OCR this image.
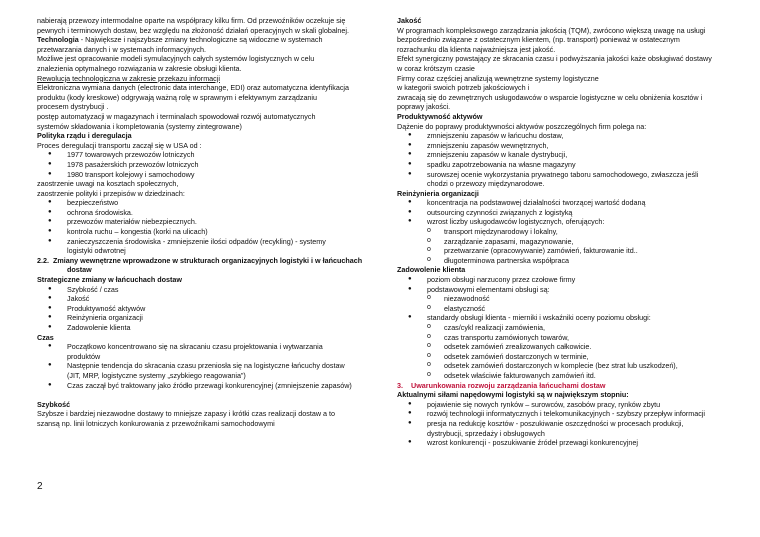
nabierają przewozy intermodalne oparte na współpracy kilku firm. Od przewoźników oczekuje się
pewnych i terminowych dostaw, bez względu na złożoność działań operacyjnych w skali globalnej.
Technologia - Największe i najszybsze zmiany technologiczne są widoczne w systemach
przetwarzania danych i w systemach informacyjnych.
Możliwe jest opracowanie modeli symulacyjnych całych systemów logistycznych w celu
znalezienia optymalnego rozwiązania w zakresie obsługi klienta.
Rewolucja technologiczna w zakresie przekazu informacji
Elektroniczna wymiana danych (electronic data interchange, EDI) oraz automatyczna identyfikacja
produktu (kody kreskowe) odgrywają ważną rolę w sprawnym i efektywnym zarządzaniu
procesem dystrybucji .
postęp automatyzacji w magazynach i terminalach spowodował rozwój automatycznych
systemów składowania i kompletowania (systemy zintegrowane)
Polityka rządu i deregulacja
Proces deregulacji transportu zaczął się w USA od :
● 1977 towarowych przewozów lotniczych
● 1978 pasażerskich przewozów lotniczych
● 1980 transport kolejowy i samochodowy
zaostrzenie uwagi na kosztach społecznych,
zaostrzenie polityki i przepisów w dziedzinach:
● bezpieczeństwo
● ochrona środowiska.
● przewozów materiałów niebezpiecznych.
● kontrola ruchu – kongestia (korki na ulicach)
● zanieczyszczenia środowiska - zmniejszenie ilości odpadów (recykling) - systemy
logistyki odwrotnej
2.2. Zmiany wewnętrzne wprowadzone w strukturach organizacyjnych logistyki i w łańcuchach
dostaw
Strategiczne zmiany w łańcuchach dostaw
● Szybkość / czas
● Jakość
● Produktywność aktywów
● Reinżynieria organizacji
● Zadowolenie klienta
Czas
● Początkowo koncentrowano się na skracaniu czasu projektowania i wytwarzania
produktów
● Następnie tendencja do skracania czasu przeniosła się na logistyczne łańcuchy dostaw
(JIT, MRP, logistyczne systemy „szybkiego reagowania”)
● Czas zaczął być traktowany jako źródło przewagi konkurencyjnej (zmniejszenie zapasów)
Szybkość
Szybsze i bardziej niezawodne dostawy to mniejsze zapasy i krótki czas realizacji dostaw a to
szansą np. linii lotniczych konkurowania z przewoźnikami samochodowymi
Jakość
W programach kompleksowego zarządzania jakością (TQM), zwrócono większą uwagę na usługi
bezpośrednio związane z ostatecznym klientem, (np. transport) ponieważ w ostatecznym
rozrachunku dla klienta najważniejsza jest jakość.
Efekt synergiczny powstający ze skracania czasu i podwyższania jakości każe obsługiwać dostawy
w coraz krótszym czasie
Firmy coraz częściej analizują wewnętrzne systemy logistyczne
w kategorii swoich potrzeb jakościowych i
zwracają się do zewnętrznych usługodawców o wsparcie logistyczne w celu obniżenia kosztów i
poprawy jakości.
Produktywność aktywów
Dążenie do poprawy produktywności aktywów poszczególnych firm polega na:
● zmniejszeniu zapasów w łańcuchu dostaw,
● zmniejszeniu zapasów wewnętrznych,
● zmniejszeniu zapasów w kanale dystrybucji,
● spadku zapotrzebowania na własne magazyny
● surowszej ocenie wykorzystania prywatnego taboru samochodowego, zwłaszcza jeśli
chodzi o przewozy międzynarodowe.
Reinżynieria organizacji
● koncentracja na podstawowej działalności tworzącej wartość dodaną
● outsourcing czynności związanych z logistyką
● wzrost liczby usługodawców logistycznych, oferujących:
o transport międzynarodowy i lokalny,
o zarządzanie zapasami, magazynowanie,
o przetwarzanie (opracowywanie) zamówień, fakturowanie itd..
o długoterminowa partnerska współpraca
Zadowolenie klienta
● poziom obsługi narzucony przez czołowe firmy
● podstawowymi elementami obsługi są:
o niezawodność
o elastyczność
● standardy obsługi klienta - mierniki i wskaźniki oceny poziomu obsługi:
o czas/cykl realizacji zamówienia,
o czas transportu zamówionych towarów,
o odsetek zamówień zrealizowanych całkowicie.
o odsetek zamówień dostarczonych w terminie,
o odsetek zamówień dostarczonych w komplecie (bez strat lub uszkodzeń),
o odsetek właściwie fakturowanych zamówień itd.
3. Uwarunkowania rozwoju zarządzania łańcuchami dostaw
Aktualnymi siłami napędowymi logistyki są w największym stopniu:
● pojawienie się nowych rynków – surowców, zasobów pracy, rynków zbytu
● rozwój technologii informatycznych i telekomunikacyjnych - szybszy przepływ informacji
● presja na redukcję kosztów - poszukiwanie oszczędności w procesach produkcji,
dystrybucji, sprzedaży i obsługowych
● wzrost konkurencji - poszukiwanie źródeł przewagi konkurencyjnej
2
